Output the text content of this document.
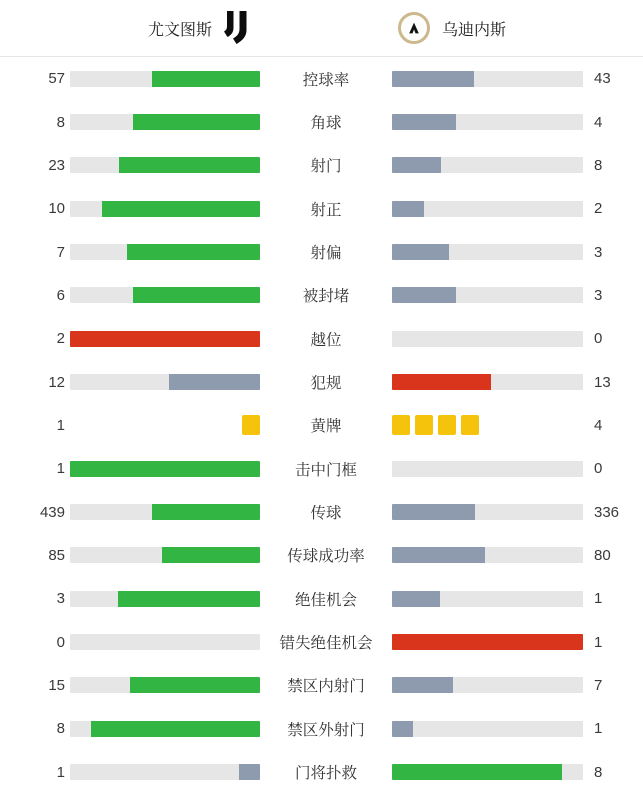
尤文图斯	乌迪内斯
57	控球率	43
8	角球	4
23	射门	8
10	射正	2
7	射偏	3
6	被封堵	3
2	越位	0
12	犯规	13
1	黄牌	4
1	击中门框	0
439	传球	336
85	传球成功率	80
3	绝佳机会	1
0	错失绝佳机会	1
15	禁区内射门	7
8	禁区外射门	1
1	门将扑救	8
